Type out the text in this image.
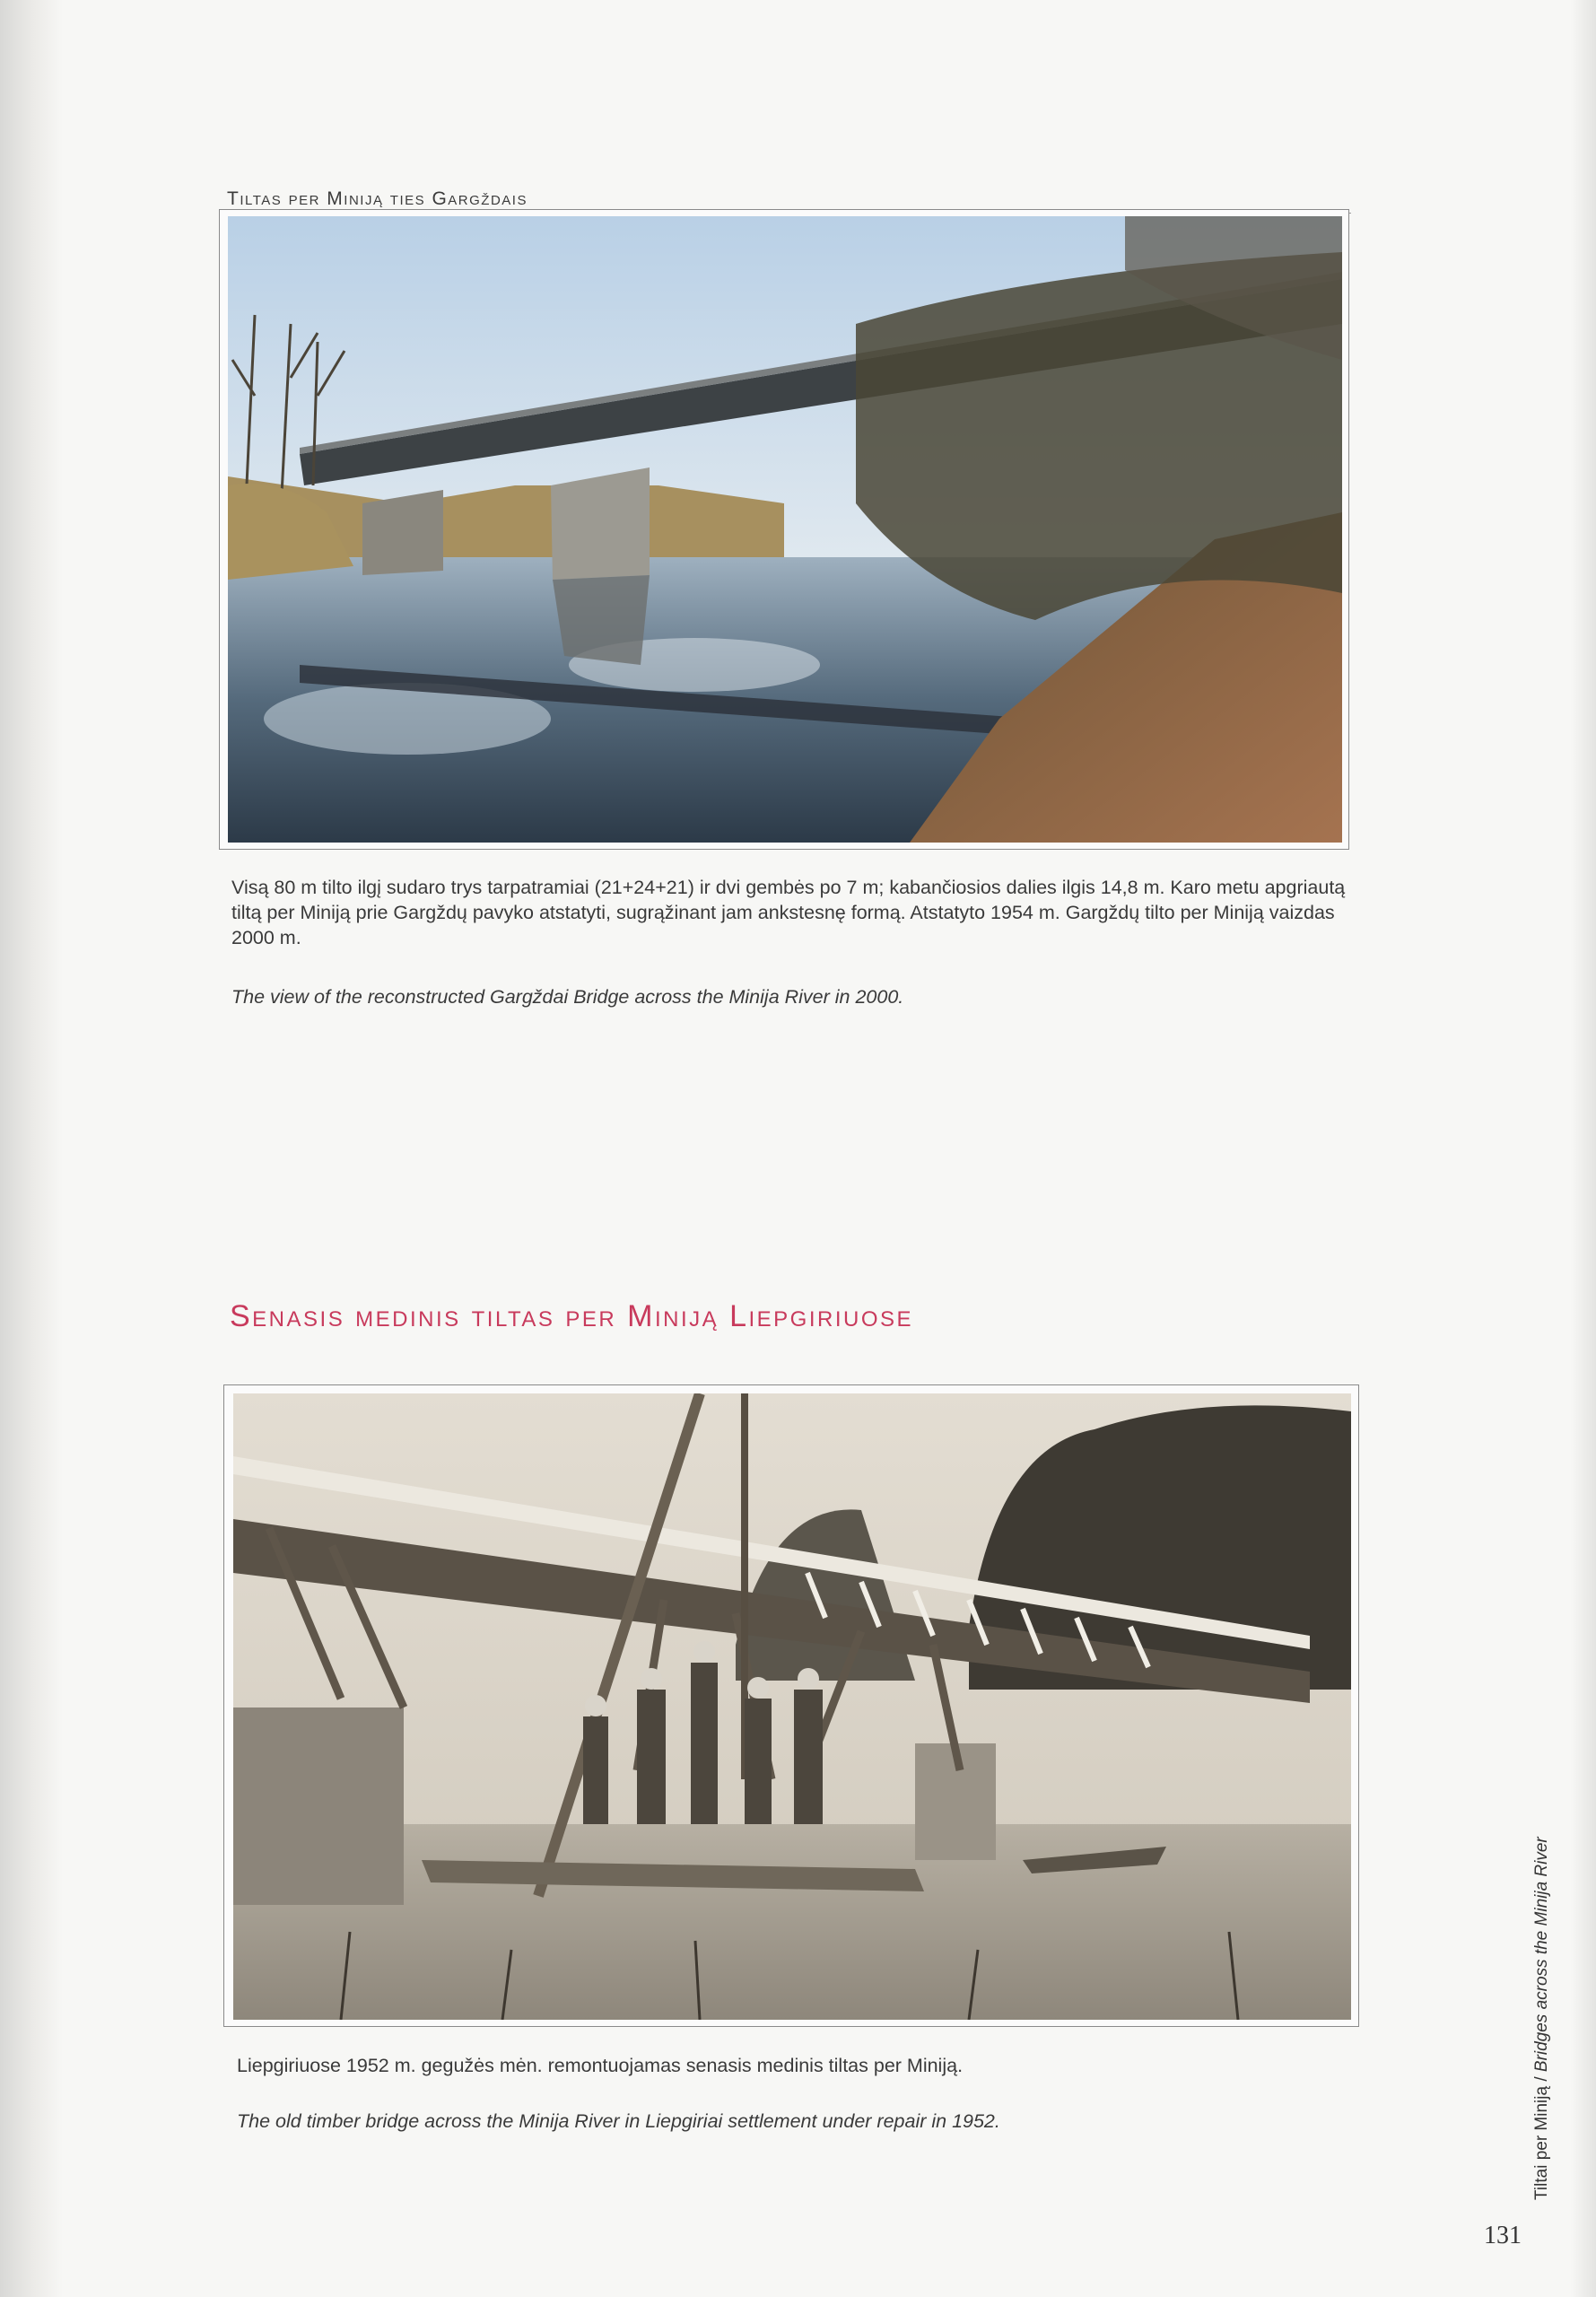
Tiltas per Miniją ties Gargždais
Visą 80 m tilto ilgį sudaro trys tarpatramiai (21+24+21) ir dvi gembės po 7 m; kabančiosios dalies ilgis 14,8 m. Karo metu apgriautą tiltą per Miniją prie Gargždų pavyko atstatyti, sugrąžinant jam ankstesnę formą. Atstatyto 1954 m. Gargždų tilto per Miniją vaizdas 2000 m.
The view of the reconstructed Gargždai Bridge across the Minija River in 2000.
Senasis medinis tiltas per Miniją Liepgiriuose
Liepgiriuose 1952 m. gegužės mėn. remontuojamas senasis medinis tiltas per Miniją.
The old timber bridge across the Minija River in Liepgiriai settlement under repair in 1952.	Tiltai per Miniją / Bridges across the Minija River
131
